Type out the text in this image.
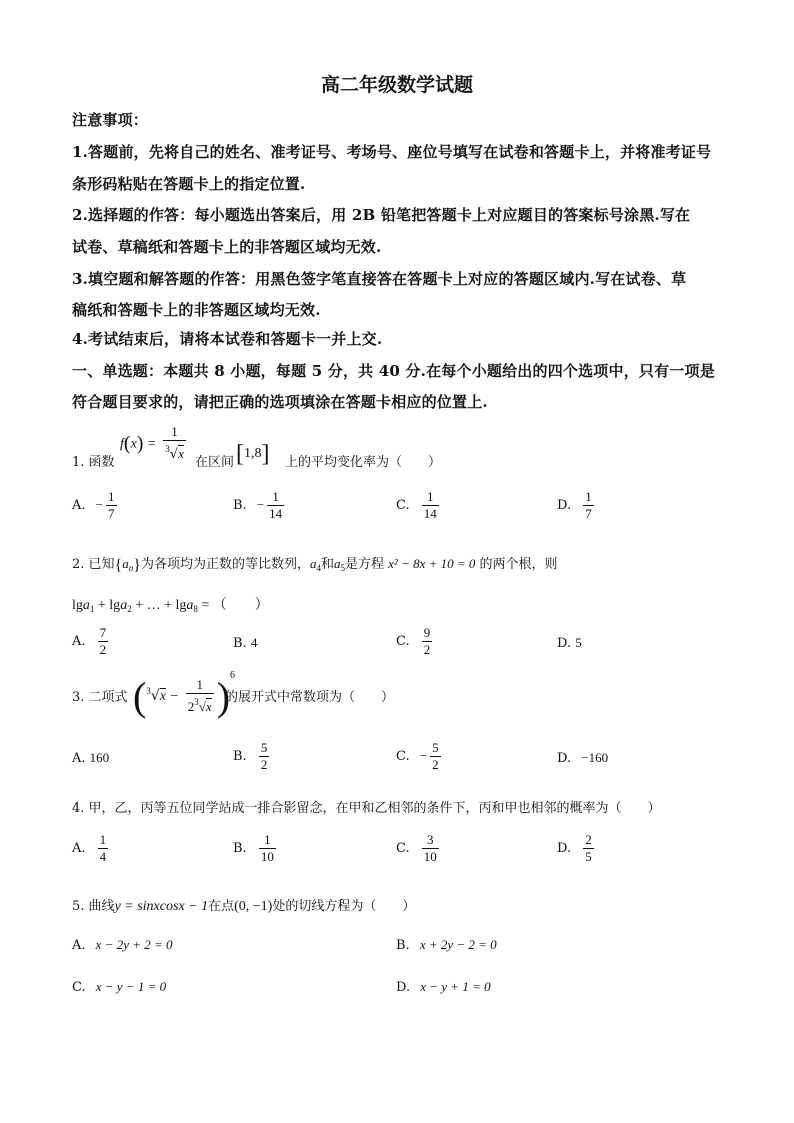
高二年级数学试题
注意事项：
1.答题前，先将自己的姓名、准考证号、考场号、座位号填写在试卷和答题卡上，并将准考证号
条形码粘贴在答题卡上的指定位置.
2.选择题的作答：每小题选出答案后，用 2B 铅笔把答题卡上对应题目的答案标号涂黑.写在
试卷、草稿纸和答题卡上的非答题区域均无效.
3.填空题和解答题的作答：用黑色签字笔直接答在答题卡上对应的答题区域内.写在试卷、草
稿纸和答题卡上的非答题区域均无效.
4.考试结束后，请将本试卷和答题卡一并上交.
一、单选题：本题共 8 小题，每题 5 分，共 40 分.在每个小题给出的四个选项中，只有一项是
符合题目要求的，请把正确的选项填涂在答题卡相应的位置上.
$f(x) = \frac{1}{^3√x}$
1. 函数	在区间 [1,8] 上的平均变化率为（　　）
A. − $\frac{1}{7}$	B. − $\frac{1}{14}$	C. $\frac{1}{14}$	D. $\frac{1}{7}$
2. 已知$\{a_n\}$为各项均为正数的等比数列，$a_4$和$a_5$是方程 x² − 8x + 10 = 0 的两个根，则
lga$_1$ + lga$_2$ + … + lga$_8$ = （　　）
A. $\frac{7}{2}$	B. 4	C. $\frac{9}{2}$	D. 5
3. 二项式 $(^3√x - \frac{1}{2^3√x} )^6$
的展开式中常数项为（　　）
A. 160	B. $\frac{5}{2}$	C. − $\frac{5}{2}$	D. −160
4. 甲，乙，丙等五位同学站成一排合影留念，在甲和乙相邻的条件下，丙和甲也相邻的概率为（　　）
A. $\frac{1}{4}$	B. $\frac{1}{10}$	C. $\frac{3}{10}$	D. $\frac{2}{5}$
5. 曲线y = sinxcosx − 1在点(0, −1)处的切线方程为（　　）
A. x − 2y + 2 = 0	B. x + 2y − 2 = 0
C. x − y − 1 = 0	D. x − y + 1 = 0
